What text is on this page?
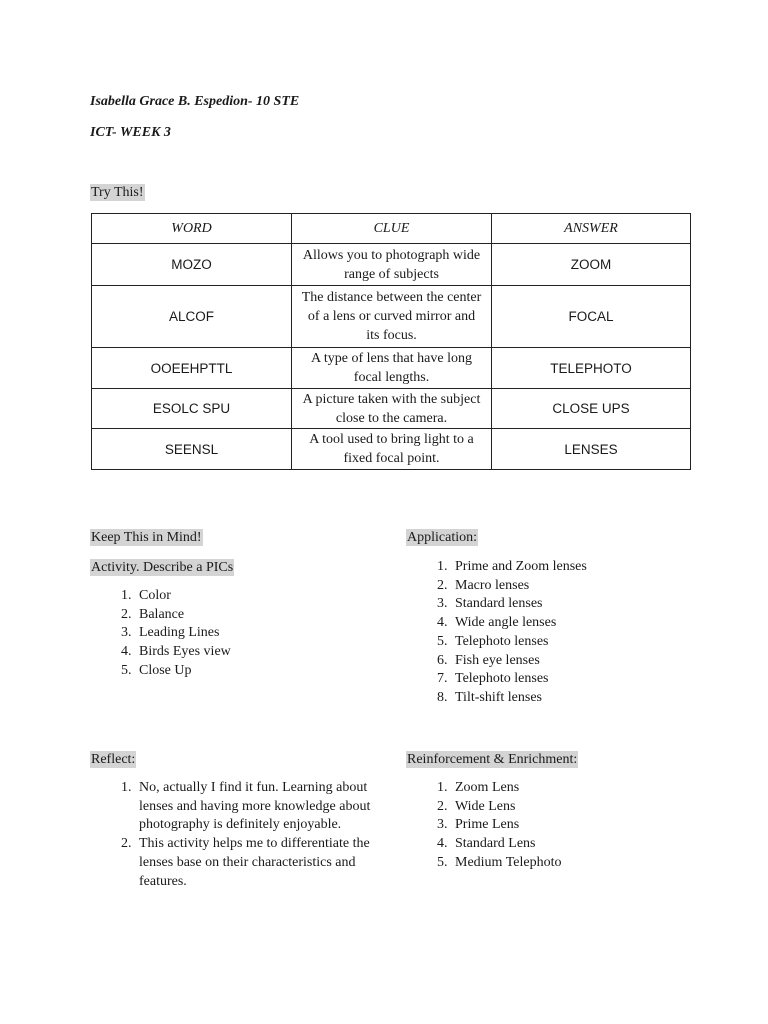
Isabella Grace B. Espedion- 10 STE
ICT- WEEK 3
Try This!
WORD	CLUE	ANSWER
MOZO	Allows you to photograph wide range of subjects	ZOOM
ALCOF	The distance between the center of a lens or curved mirror and its focus.	FOCAL
OOEEHPTTL	A type of lens that have long focal lengths.	TELEPHOTO
ESOLC SPU	A picture taken with the subject close to the camera.	CLOSE UPS
SEENSL	A tool used to bring light to a fixed focal point.	LENSES
Keep This in Mind!
Activity. Describe a PICs
1. Color
2. Balance
3. Leading Lines
4. Birds Eyes view
5. Close Up
Application:
1. Prime and Zoom lenses
2. Macro lenses
3. Standard lenses
4. Wide angle lenses
5. Telephoto lenses
6. Fish eye lenses
7. Telephoto lenses
8. Tilt-shift lenses
Reflect:
1. No, actually I find it fun. Learning about lenses and having more knowledge about photography is definitely enjoyable.
2. This activity helps me to differentiate the lenses base on their characteristics and features.
Reinforcement & Enrichment:
1. Zoom Lens
2. Wide Lens
3. Prime Lens
4. Standard Lens
5. Medium Telephoto
